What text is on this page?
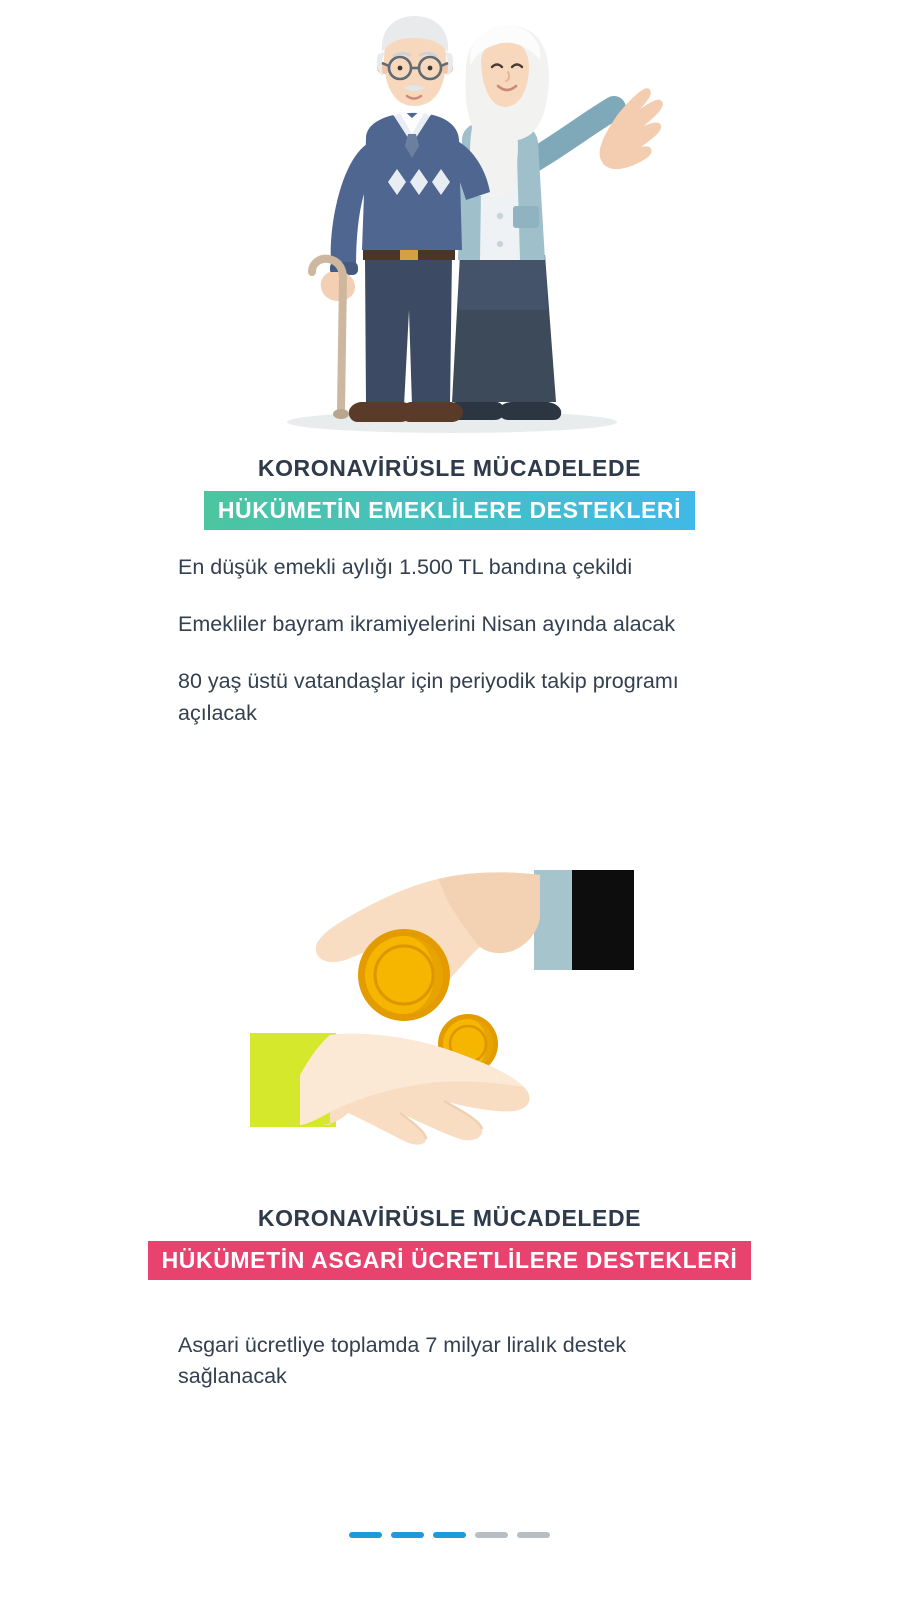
KORONAVİRÜSLE MÜCADELEDE
HÜKÜMETİN EMEKLİLERE DESTEKLERİ
En düşük emekli aylığı 1.500 TL bandına çekildi
Emekliler bayram ikramiyelerini Nisan ayında alacak
80 yaş üstü vatandaşlar için periyodik takip programı açılacak
KORONAVİRÜSLE MÜCADELEDE
HÜKÜMETİN ASGARİ ÜCRETLİLERE DESTEKLERİ
Asgari ücretliye toplamda 7 milyar liralık destek sağlanacak
